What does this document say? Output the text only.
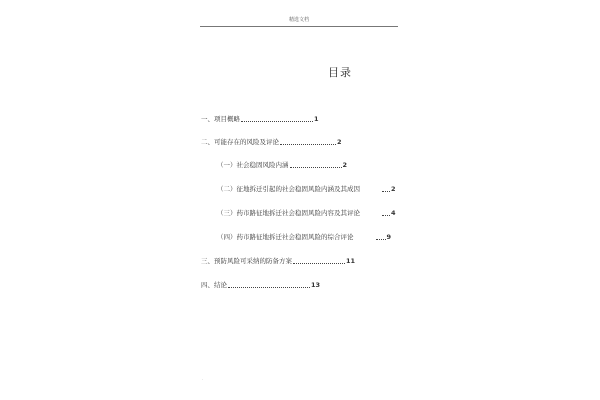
精选文档
目录
一、项目概略	1
二、可能存在的风险及评论	2
（一）社会稳固风险内涵	2
（二）征地拆迁引起的社会稳固风险内涵及其成因	2
（三）药市路征地拆迁社会稳固风险内容及其评论	4
（四）药市路征地拆迁社会稳固风险的综合评论	9
三、预防风险可采纳的防备方案	11
四、结论	13
.
